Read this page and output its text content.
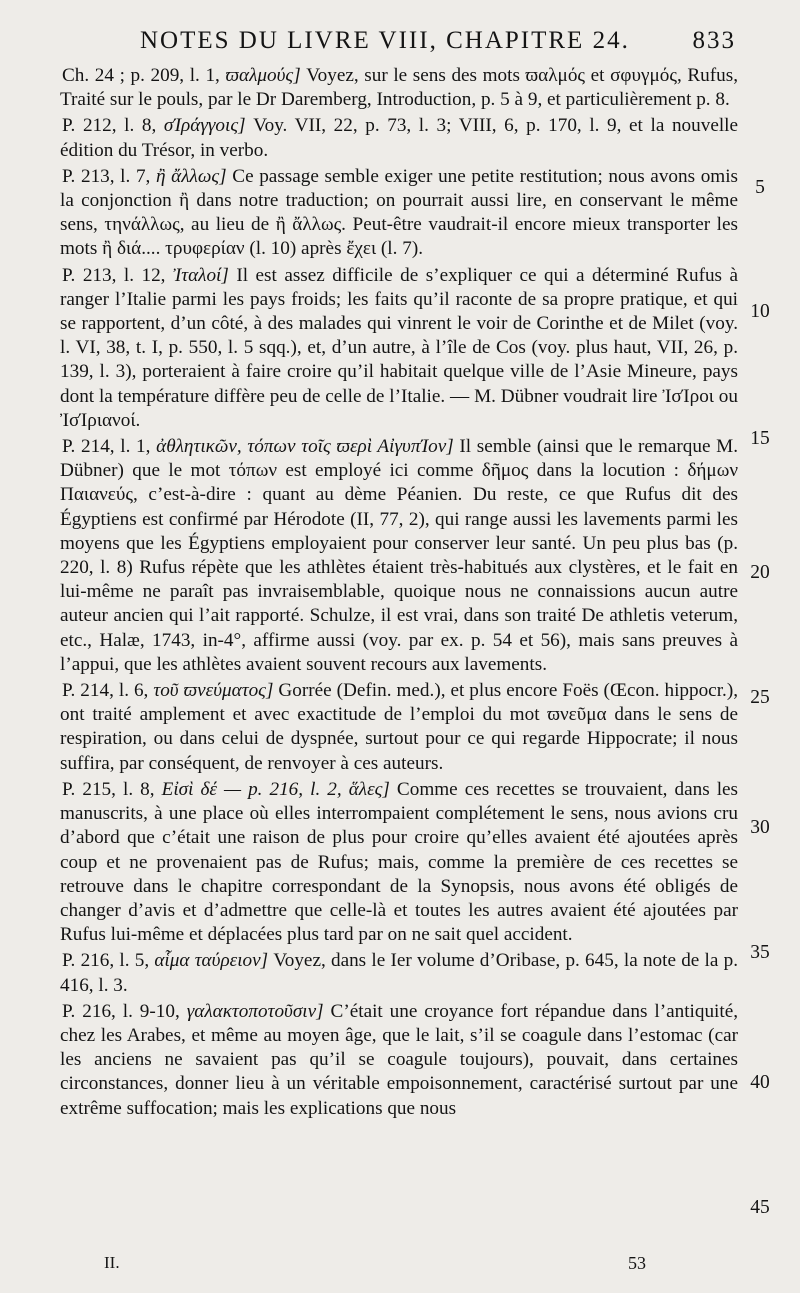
NOTES DU LIVRE VIII, CHAPITRE 24.	833

Ch. 24 ; p. 209, l. 1, ϖαλμούς] Voyez, sur le sens des mots ϖαλμός et σφυγμός, Rufus, Traité sur le pouls, par le Dr Daremberg, Introduction, p. 5 à 9, et particulièrement p. 8.

P. 212, l. 8, σΊράγγοις] Voy. VII, 22, p. 73, l. 3; VIII, 6, p. 170, l. 9, et la nouvelle édition du Trésor, in verbo.

P. 213, l. 7, ἢ ἄλλως] Ce passage semble exiger une petite restitution; nous avons omis la conjonction ἢ dans notre traduction; on pourrait aussi lire, en conservant le même sens, τηνάλλως, au lieu de ἢ ἄλλως. Peut-être vaudrait-il encore mieux transporter les mots ἢ διά.... τρυφερίαν (l. 10) après ἔχει (l. 7).

P. 213, l. 12, Ἰταλοί] Il est assez difficile de s’expliquer ce qui a déterminé Rufus à ranger l’Italie parmi les pays froids; les faits qu’il raconte de sa propre pratique, et qui se rapportent, d’un côté, à des malades qui vinrent le voir de Corinthe et de Milet (voy. l. VI, 38, t. I, p. 550, l. 5 sqq.), et, d’un autre, à l’île de Cos (voy. plus haut, VII, 26, p. 139, l. 3), porteraient à faire croire qu’il habitait quelque ville de l’Asie Mineure, pays dont la température diffère peu de celle de l’Italie. — M. Dübner voudrait lire ἸσΊροι ou ἸσΊριανοί.

P. 214, l. 1, ἀθλητικῶν, τόπων τοῖς ϖερὶ ΑἰγυπΊον] Il semble (ainsi que le remarque M. Dübner) que le mot τόπων est employé ici comme δῆμος dans la locution : δήμων Παιανεύς, c’est-à-dire : quant au dème Péanien. Du reste, ce que Rufus dit des Égyptiens est confirmé par Hérodote (II, 77, 2), qui range aussi les lavements parmi les moyens que les Égyptiens employaient pour conserver leur santé. Un peu plus bas (p. 220, l. 8) Rufus répète que les athlètes étaient très-habitués aux clystères, et le fait en lui-même ne paraît pas invraisemblable, quoique nous ne connaissions aucun autre auteur ancien qui l’ait rapporté. Schulze, il est vrai, dans son traité De athletis veterum, etc., Halæ, 1743, in-4°, affirme aussi (voy. par ex. p. 54 et 56), mais sans preuves à l’appui, que les athlètes avaient souvent recours aux lavements.

P. 214, l. 6, τοῦ ϖνεύματος] Gorrée (Defin. med.), et plus encore Foës (Œcon. hippocr.), ont traité amplement et avec exactitude de l’emploi du mot ϖνεῦμα dans le sens de respiration, ou dans celui de dyspnée, surtout pour ce qui regarde Hippocrate; il nous suffira, par conséquent, de renvoyer à ces auteurs.

P. 215, l. 8, Εἰσὶ δέ — p. 216, l. 2, ἅλες] Comme ces recettes se trouvaient, dans les manuscrits, à une place où elles interrompaient complétement le sens, nous avions cru d’abord que c’était une raison de plus pour croire qu’elles avaient été ajoutées après coup et ne provenaient pas de Rufus; mais, comme la première de ces recettes se retrouve dans le chapitre correspondant de la Synopsis, nous avons été obligés de changer d’avis et d’admettre que celle-là et toutes les autres avaient été ajoutées par Rufus lui-même et déplacées plus tard par on ne sait quel accident.

P. 216, l. 5, αἷμα ταύρειον] Voyez, dans le Ier volume d’Oribase, p. 645, la note de la p. 416, l. 3.

P. 216, l. 9-10, γαλακτοποτοῦσιν] C’était une croyance fort répandue dans l’antiquité, chez les Arabes, et même au moyen âge, que le lait, s’il se coagule dans l’estomac (car les anciens ne savaient pas qu’il se coagule toujours), pouvait, dans certaines circonstances, donner lieu à un véritable empoisonnement, caractérisé surtout par une extrême suffocation; mais les explications que nous

5
10
15
20
25
30
35
40
45
II.	53
